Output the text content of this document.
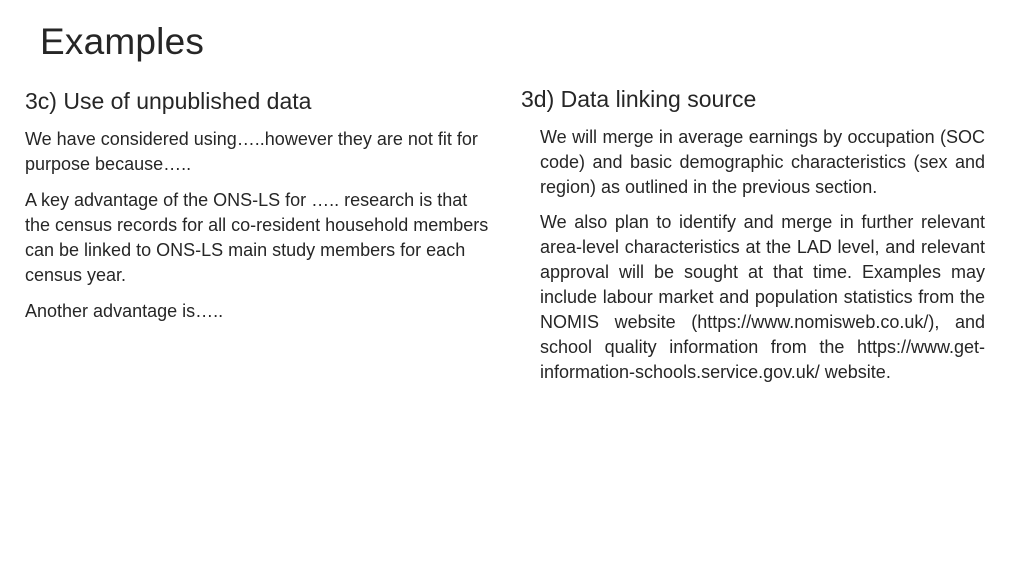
Examples
3c) Use of unpublished data
We have considered using…..however they are not fit for purpose because…..
A key advantage of the ONS-LS for ….. research is that the census records for all co-resident household members can be linked to ONS-LS main study members for each census year.
Another advantage is…..
3d) Data linking source
We will merge in average earnings by occupation (SOC code) and basic demographic characteristics (sex and region) as outlined in the previous section.
We also plan to identify and merge in further relevant area-level characteristics at the LAD level, and relevant approval will be sought at that time. Examples may include labour market and population statistics from the NOMIS website (https://www.nomisweb.co.uk/), and school quality information from the https://www.get-information-schools.service.gov.uk/ website.
